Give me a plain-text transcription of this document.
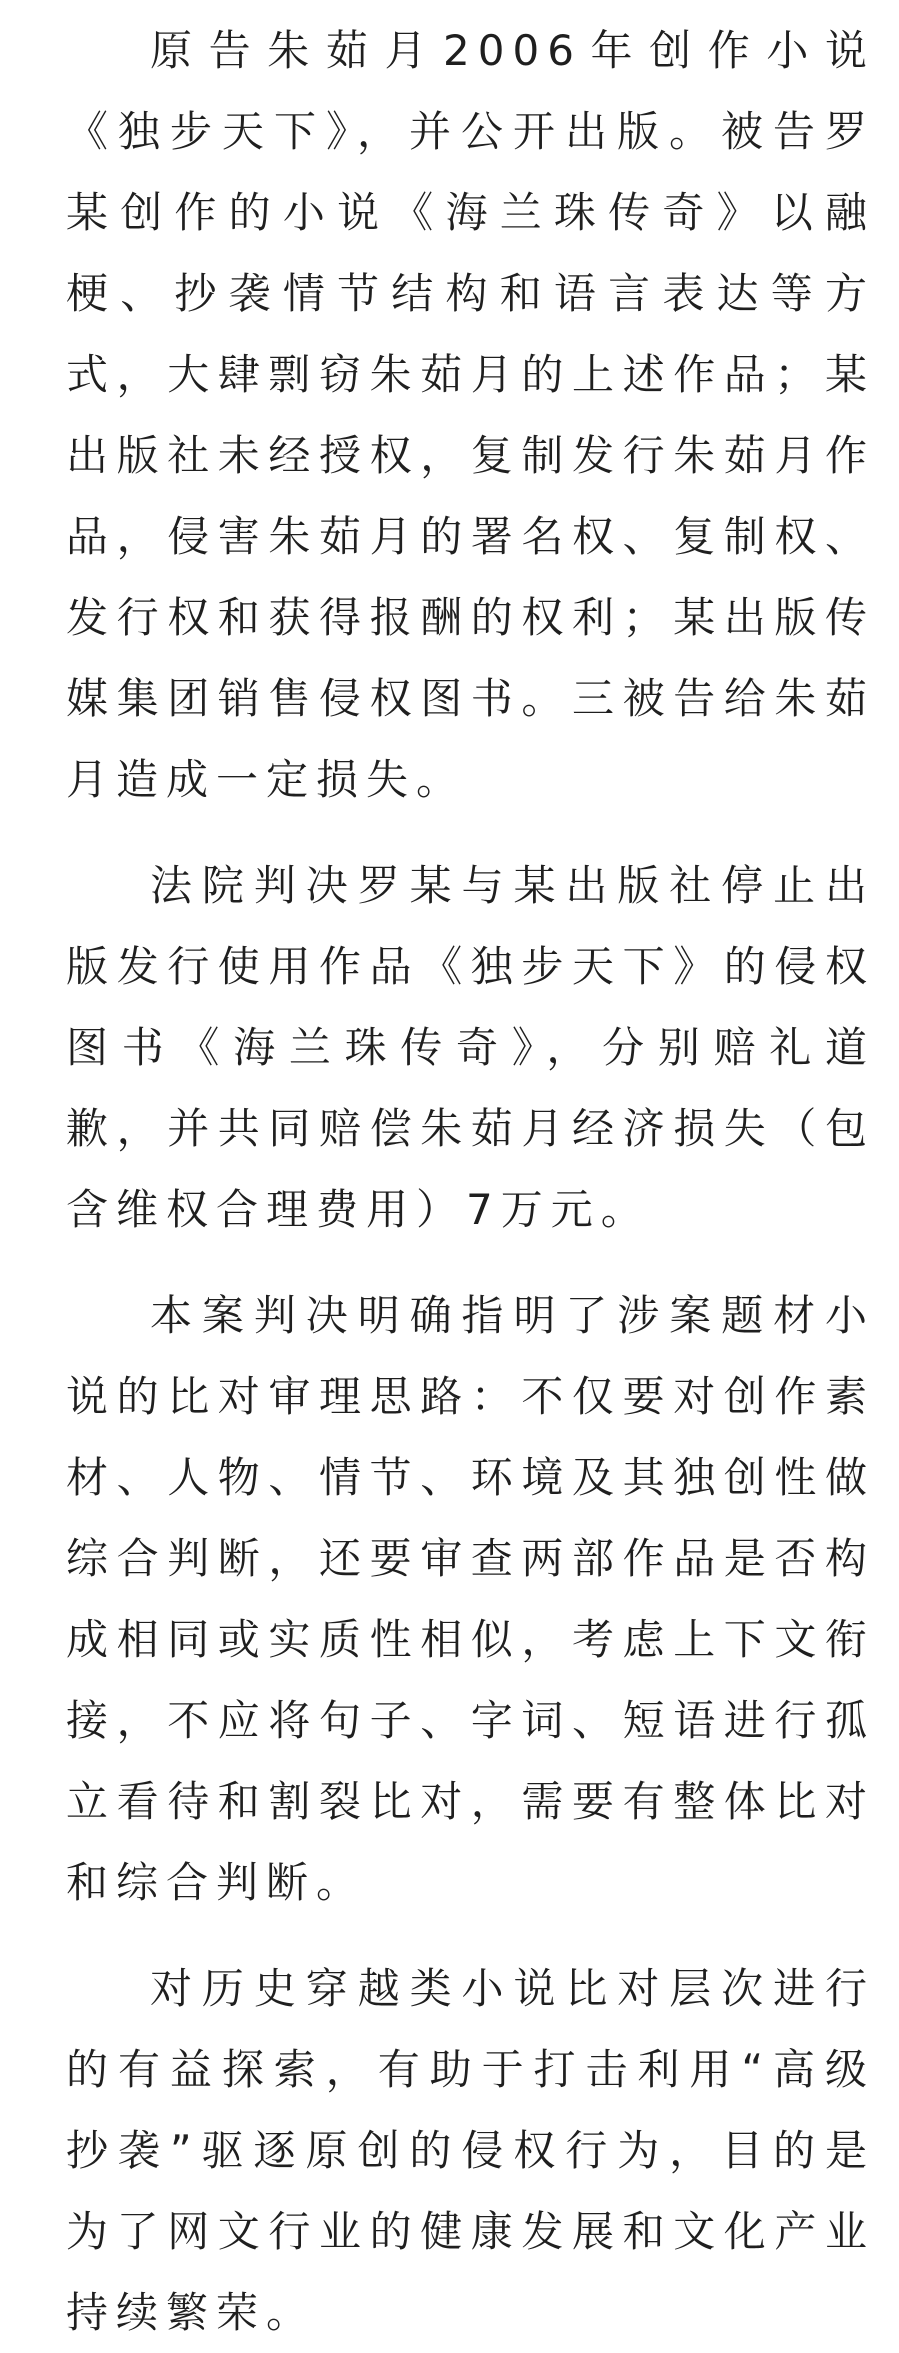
原告朱茹月2006年创作小说《独步天下》，并公开出版。被告罗某创作的小说《海兰珠传奇》以融梗、抄袭情节结构和语言表达等方式，大肆剽窃朱茹月的上述作品；某出版社未经授权，复制发行朱茹月作品，侵害朱茹月的署名权、复制权、发行权和获得报酬的权利；某出版传媒集团销售侵权图书。三被告给朱茹月造成一定损失。

法院判决罗某与某出版社停止出版发行使用作品《独步天下》的侵权图书《海兰珠传奇》，分别赔礼道歉，并共同赔偿朱茹月经济损失（包含维权合理费用）7万元。

本案判决明确指明了涉案题材小说的比对审理思路：不仅要对创作素材、人物、情节、环境及其独创性做综合判断，还要审查两部作品是否构成相同或实质性相似，考虑上下文衔接，不应将句子、字词、短语进行孤立看待和割裂比对，需要有整体比对和综合判断。

对历史穿越类小说比对层次进行的有益探索，有助于打击利用“高级抄袭”驱逐原创的侵权行为，目的是为了网文行业的健康发展和文化产业持续繁荣。
